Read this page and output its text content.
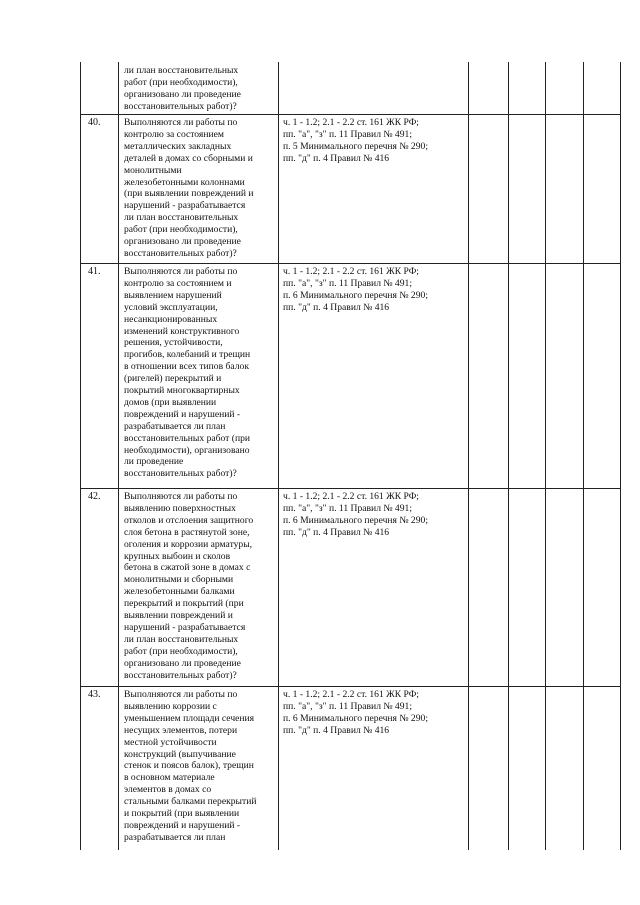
ли план восстановительных
работ (при необходимости),
организовано ли проведение
восстановительных работ)?
40. Выполняются ли работы по
контролю за состоянием
металлических закладных
деталей в домах со сборными и
монолитными
железобетонными колоннами
(при выявлении повреждений и
нарушений - разрабатывается
ли план восстановительных
работ (при необходимости),
организовано ли проведение
восстановительных работ)?
ч. 1 - 1.2; 2.1 - 2.2 ст. 161 ЖК РФ;
пп. "а", "з" п. 11 Правил № 491;
п. 5 Минимального перечня № 290;
пп. "д" п. 4 Правил № 416
41. Выполняются ли работы по
контролю за состоянием и
выявлением нарушений
условий эксплуатации,
несанкционированных
изменений конструктивного
решения, устойчивости,
прогибов, колебаний и трещин
в отношении всех типов балок
(ригелей) перекрытий и
покрытий многоквартирных
домов (при выявлении
повреждений и нарушений -
разрабатывается ли план
восстановительных работ (при
необходимости), организовано
ли проведение
восстановительных работ)?
ч. 1 - 1.2; 2.1 - 2.2 ст. 161 ЖК РФ;
пп. "а", "з" п. 11 Правил № 491;
п. 6 Минимального перечня № 290;
пп. "д" п. 4 Правил № 416
42. Выполняются ли работы по
выявлению поверхностных
отколов и отслоения защитного
слоя бетона в растянутой зоне,
оголения и коррозии арматуры,
крупных выбоин и сколов
бетона в сжатой зоне в домах с
монолитными и сборными
железобетонными балками
перекрытий и покрытий (при
выявлении повреждений и
нарушений - разрабатывается
ли план восстановительных
работ (при необходимости),
организовано ли проведение
восстановительных работ)?
ч. 1 - 1.2; 2.1 - 2.2 ст. 161 ЖК РФ;
пп. "а", "з" п. 11 Правил № 491;
п. 6 Минимального перечня № 290;
пп. "д" п. 4 Правил № 416
43. Выполняются ли работы по
выявлению коррозии с
уменьшением площади сечения
несущих элементов, потери
местной устойчивости
конструкций (выпучивание
стенок и поясов балок), трещин
в основном материале
элементов в домах со
стальными балками перекрытий
и покрытий (при выявлении
повреждений и нарушений -
разрабатывается ли план
ч. 1 - 1.2; 2.1 - 2.2 ст. 161 ЖК РФ;
пп. "а", "з" п. 11 Правил № 491;
п. 6 Минимального перечня № 290;
пп. "д" п. 4 Правил № 416
